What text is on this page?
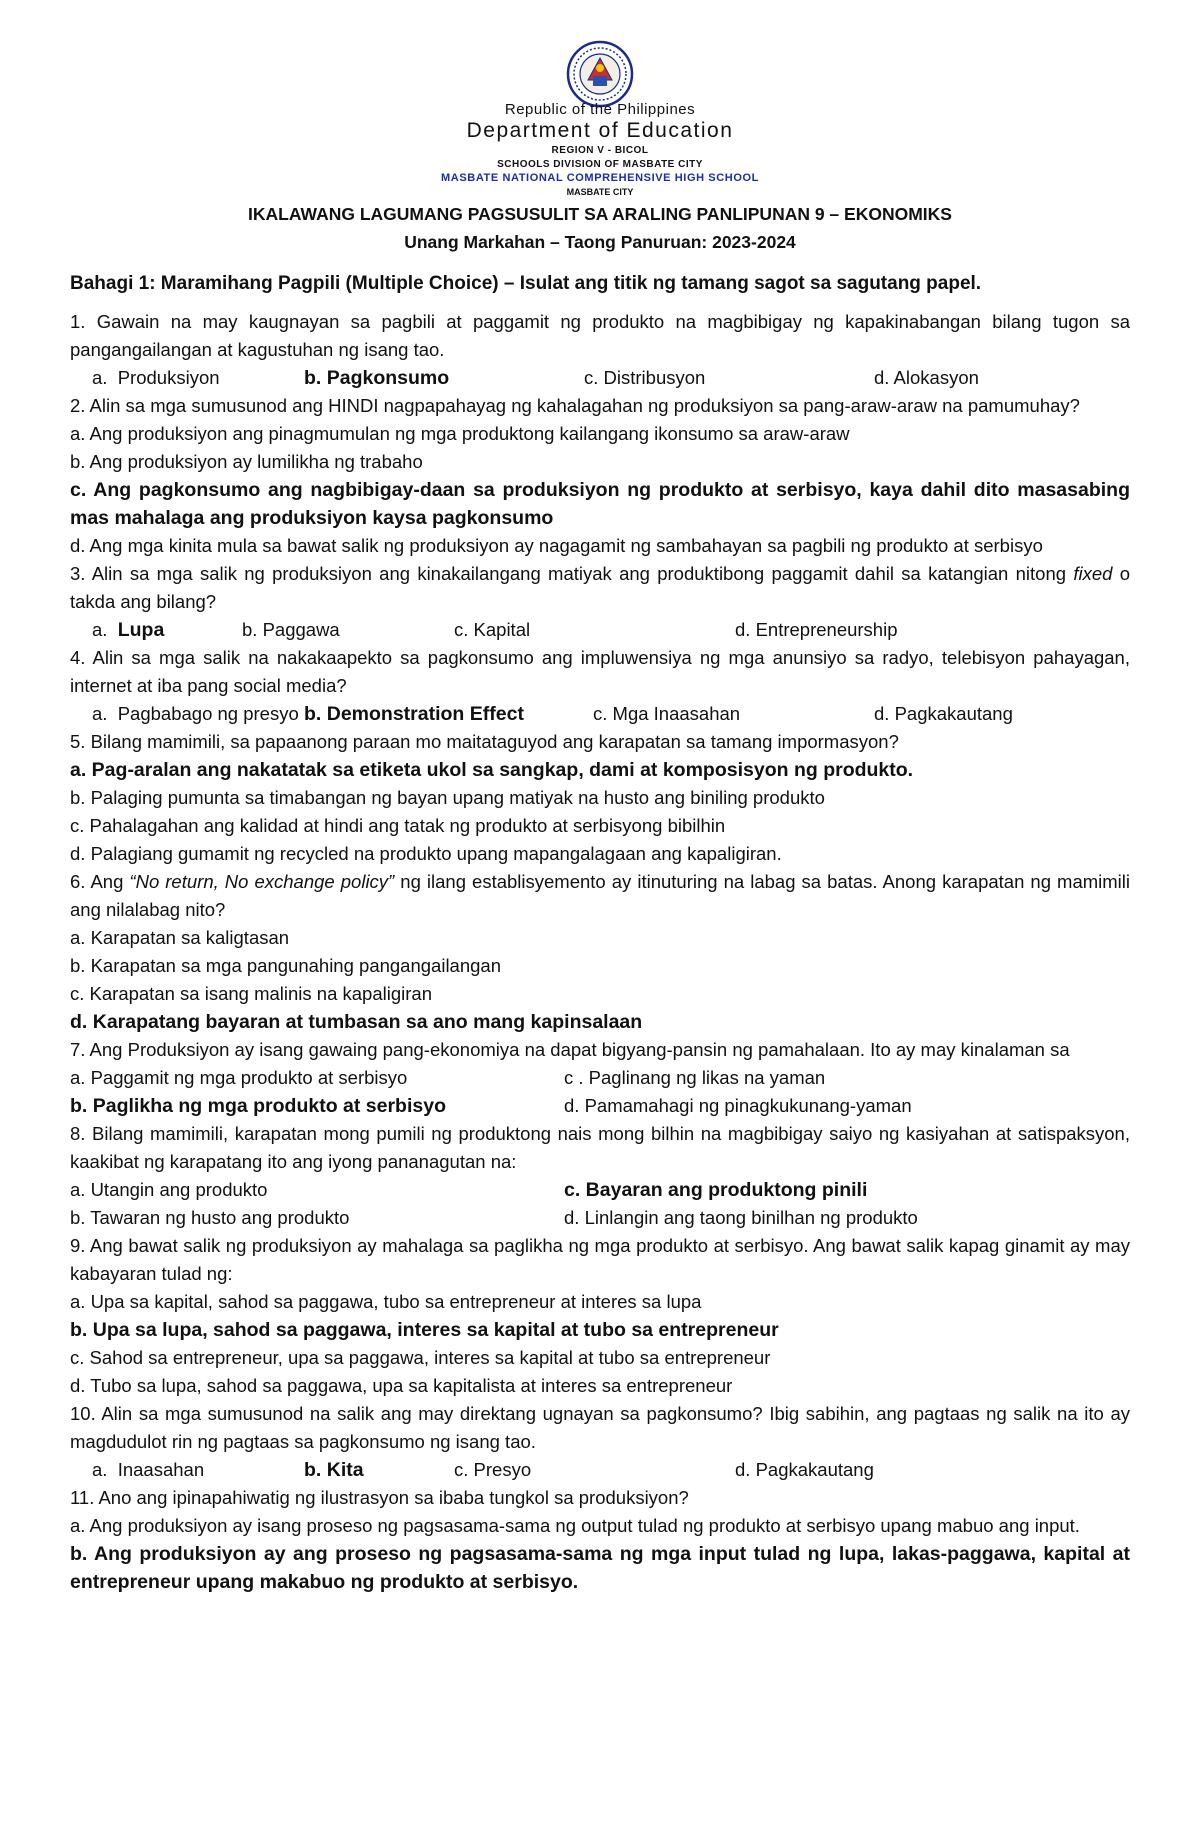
Republic of the Philippines
Department of Education
REGION V - BICOL
SCHOOLS DIVISION OF MASBATE CITY
MASBATE NATIONAL COMPREHENSIVE HIGH SCHOOL
MASBATE CITY
IKALAWANG LAGUMANG PAGSUSULIT SA ARALING PANLIPUNAN 9 – EKONOMIKS
Unang Markahan – Taong Panuruan: 2023-2024
Bahagi 1: Maramihang Pagpili (Multiple Choice) – Isulat ang titik ng tamang sagot sa sagutang papel.
1. Gawain na may kaugnayan sa pagbili at paggamit ng produkto na magbibigay ng kapakinabangan bilang tugon sa pangangailangan at kagustuhan ng isang tao.
a. Produksiyon	b. Pagkonsumo	c. Distribusyon	d. Alokasyon
2. Alin sa mga sumusunod ang HINDI nagpapahayag ng kahalagahan ng produksiyon sa pang-araw-araw na pamumuhay?
a. Ang produksiyon ang pinagmumulan ng mga produktong kailangang ikonsumo sa araw-araw
b. Ang produksiyon ay lumilikha ng trabaho
c. Ang pagkonsumo ang nagbibigay-daan sa produksiyon ng produkto at serbisyo, kaya dahil dito masasabing mas mahalaga ang produksiyon kaysa pagkonsumo
d. Ang mga kinita mula sa bawat salik ng produksiyon ay nagagamit ng sambahayan sa pagbili ng produkto at serbisyo
3. Alin sa mga salik ng produksiyon ang kinakailangang matiyak ang produktibong paggamit dahil sa katangian nitong fixed o takda ang bilang?
a. Lupa	b. Paggawa	c. Kapital	d. Entrepreneurship
4. Alin sa mga salik na nakakaapekto sa pagkonsumo ang impluwensiya ng mga anunsiyo sa radyo, telebisyon pahayagan, internet at iba pang social media?
a. Pagbabago ng presyo b. Demonstration Effect	c. Mga Inaasahan	d. Pagkakautang
5. Bilang mamimili, sa papaanong paraan mo maitataguyod ang karapatan sa tamang impormasyon?
a. Pag-aralan ang nakatatak sa etiketa ukol sa sangkap, dami at komposisyon ng produkto.
b. Palaging pumunta sa timabangan ng bayan upang matiyak na husto ang biniling produkto
c. Pahalagahan ang kalidad at hindi ang tatak ng produkto at serbisyong bibilhin
d. Palagiang gumamit ng recycled na produkto upang mapangalagaan ang kapaligiran.
6. Ang “No return, No exchange policy” ng ilang establisyemento ay itinuturing na labag sa batas. Anong karapatan ng mamimili ang nilalabag nito?
a. Karapatan sa kaligtasan
b. Karapatan sa mga pangunahing pangangailangan
c. Karapatan sa isang malinis na kapaligiran
d. Karapatang bayaran at tumbasan sa ano mang kapinsalaan
7. Ang Produksiyon ay isang gawaing pang-ekonomiya na dapat bigyang-pansin ng pamahalaan. Ito ay may kinalaman sa
a. Paggamit ng mga produkto at serbisyo	c . Paglinang ng likas na yaman
b. Paglikha ng mga produkto at serbisyo	d. Pamamahagi ng pinagkukunang-yaman
8. Bilang mamimili, karapatan mong pumili ng produktong nais mong bilhin na magbibigay saiyo ng kasiyahan at satispaksyon, kaakibat ng karapatang ito ang iyong pananagutan na:
a. Utangin ang produkto	c. Bayaran ang produktong pinili
b. Tawaran ng husto ang produkto	d. Linlangin ang taong binilhan ng produkto
9. Ang bawat salik ng produksiyon ay mahalaga sa paglikha ng mga produkto at serbisyo. Ang bawat salik kapag ginamit ay may kabayaran tulad ng:
a. Upa sa kapital, sahod sa paggawa, tubo sa entrepreneur at interes sa lupa
b. Upa sa lupa, sahod sa paggawa, interes sa kapital at tubo sa entrepreneur
c. Sahod sa entrepreneur, upa sa paggawa, interes sa kapital at tubo sa entrepreneur
d. Tubo sa lupa, sahod sa paggawa, upa sa kapitalista at interes sa entrepreneur
10. Alin sa mga sumusunod na salik ang may direktang ugnayan sa pagkonsumo? Ibig sabihin, ang pagtaas ng salik na ito ay magdudulot rin ng pagtaas sa pagkonsumo ng isang tao.
a. Inaasahan	b. Kita	c. Presyo	d. Pagkakautang
11. Ano ang ipinapahiwatig ng ilustrasyon sa ibaba tungkol sa produksiyon?
a. Ang produksiyon ay isang proseso ng pagsasama-sama ng output tulad ng produkto at serbisyo upang mabuo ang input.
b. Ang produksiyon ay ang proseso ng pagsasama-sama ng mga input tulad ng lupa, lakas-paggawa, kapital at entrepreneur upang makabuo ng produkto at serbisyo.
